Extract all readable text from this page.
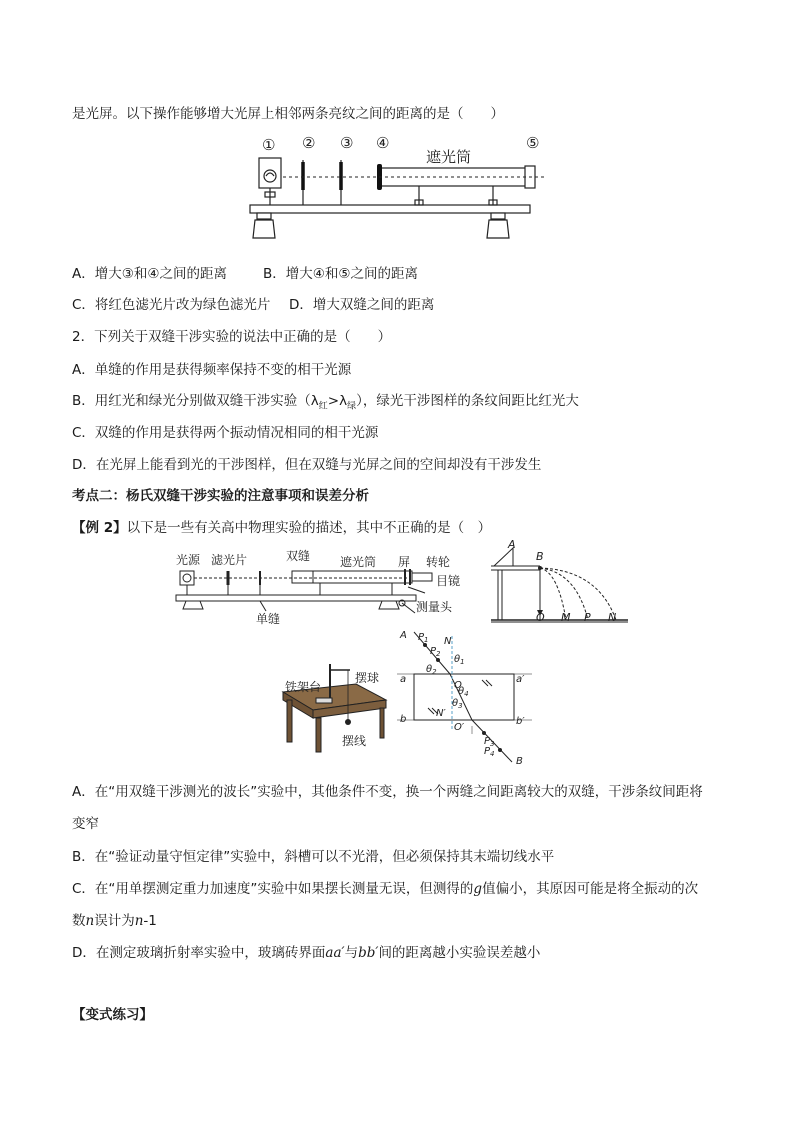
是光屏。以下操作能够增大光屏上相邻两条亮纹之间的距离的是（　　）
① ② ③ ④	⑤
遮光筒
A．增大③和④之间的距离	B．增大④和⑤之间的距离
C．将红色滤光片改为绿色滤光片 D．增大双缝之间的距离
2．下列关于双缝干涉实验的说法中正确的是（　　）
A．单缝的作用是获得频率保持不变的相干光源
B．用红光和绿光分别做双缝干涉实验$(\lambda_红>\lambda_绿)$，绿光干涉图样的条纹间距比红光大
C．双缝的作用是获得两个振动情况相同的相干光源
D．在光屏上能看到光的干涉图样，但在双缝与光屏之间的空间却没有干涉发生
考点二：杨氏双缝干涉实验的注意事项和误差分析
【例 2】以下是一些有关高中物理实验的描述，其中不正确的是（　）
光源 滤光片	双缝 遮光筒 屏 转轮
目镜
单缝
测量头
A
B
O M P N
铁架台
摆球
摆线
A
B
$P_1$
$P_2$
$P_3$
$P_4$
N
N′
O
O′
a	a′
b	b′
$\theta_1$
$\theta_2$
$\theta_3$
$\theta_4$
A．在“用双缝干涉测光的波长”实验中，其他条件不变，换一个两缝之间距离较大的双缝，干涉条纹间距将
变窄
B．在“验证动量守恒定律”实验中，斜槽可以不光滑，但必须保持其末端切线水平
C．在“用单摆测定重力加速度”实验中如果摆长测量无误，但测得的g值偏小，其原因可能是将全振动的次
数n误计为n-1
D．在测定玻璃折射率实验中，玻璃砖界面aa′与bb′间的距离越小实验误差越小
【变式练习】
